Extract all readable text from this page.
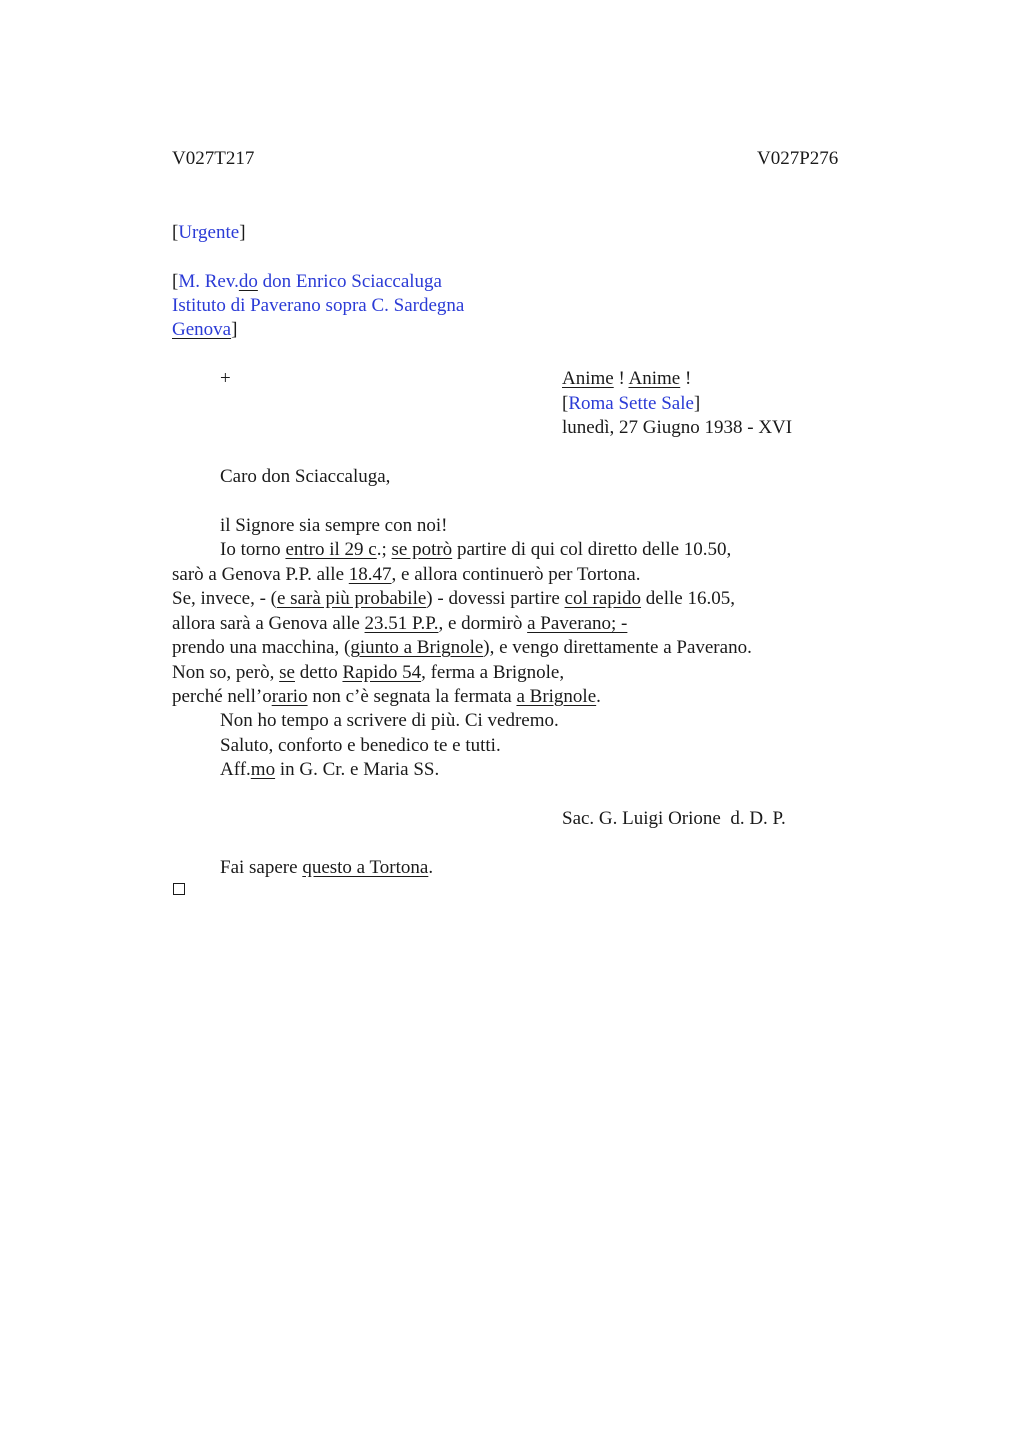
V027T217	V027P276
[Urgente]
[M. Rev.do don Enrico Sciaccaluga
Istituto di Paverano sopra C. Sardegna
Genova]
+	Anime ! Anime !
[Roma Sette Sale]
lunedì, 27 Giugno 1938 - XVI
Caro don Sciaccaluga,
il Signore sia sempre con noi!
Io torno entro il 29 c.; se potrò partire di qui col diretto delle 10.50,
sarò a Genova P.P. alle 18.47, e allora continuerò per Tortona.
Se, invece, - (e sarà più probabile) - dovessi partire col rapido delle 16.05,
allora sarà a Genova alle 23.51 P.P., e dormirò a Paverano; -
prendo una macchina, (giunto a Brignole), e vengo direttamente a Paverano.
Non so, però, se detto Rapido 54, ferma a Brignole,
perché nell’orario non c’è segnata la fermata a Brignole.
Non ho tempo a scrivere di più. Ci vedremo.
Saluto, conforto e benedico te e tutti.
Aff.mo in G. Cr. e Maria SS.
Sac. G. Luigi Orione  d. D. P.
Fai sapere questo a Tortona.
